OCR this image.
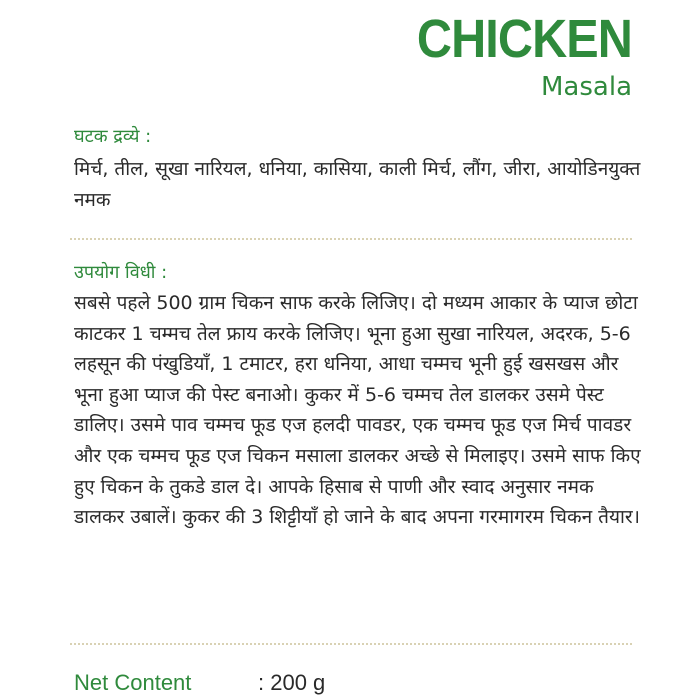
CHICKEN
Masala
घटक द्रव्ये :
मिर्च, तील, सूखा नारियल, धनिया, कासिया, काली मिर्च, लौंग, जीरा, आयोडिनयुक्त नमक
उपयोग विधी :
सबसे पहले 500 ग्राम चिकन साफ करके लिजिए। दो मध्यम आकार के प्याज छोटा काटकर 1 चम्मच तेल फ्राय करके लिजिए। भूना हुआ सुखा नारियल, अदरक, 5-6 लहसून की पंखुडियाँ, 1 टमाटर, हरा धनिया, आधा चम्मच भूनी हुई खसखस और भूना हुआ प्याज की पेस्ट बनाओ। कुकर में 5-6 चम्मच तेल डालकर उसमे पेस्ट डालिए। उसमे पाव चम्मच फूड एज हलदी पावडर, एक चम्मच फूड एज मिर्च पावडर और एक चम्मच फूड एज चिकन मसाला डालकर अच्छे से मिलाइए। उसमे साफ किए हुए चिकन के तुकडे डाल दे। आपके हिसाब से पाणी और स्वाद अनुसार नमक डालकर उबालें। कुकर की 3 शिट्टीयाँ हो जाने के बाद अपना गरमागरम चिकन तैयार।
Net Content	: 200 g
